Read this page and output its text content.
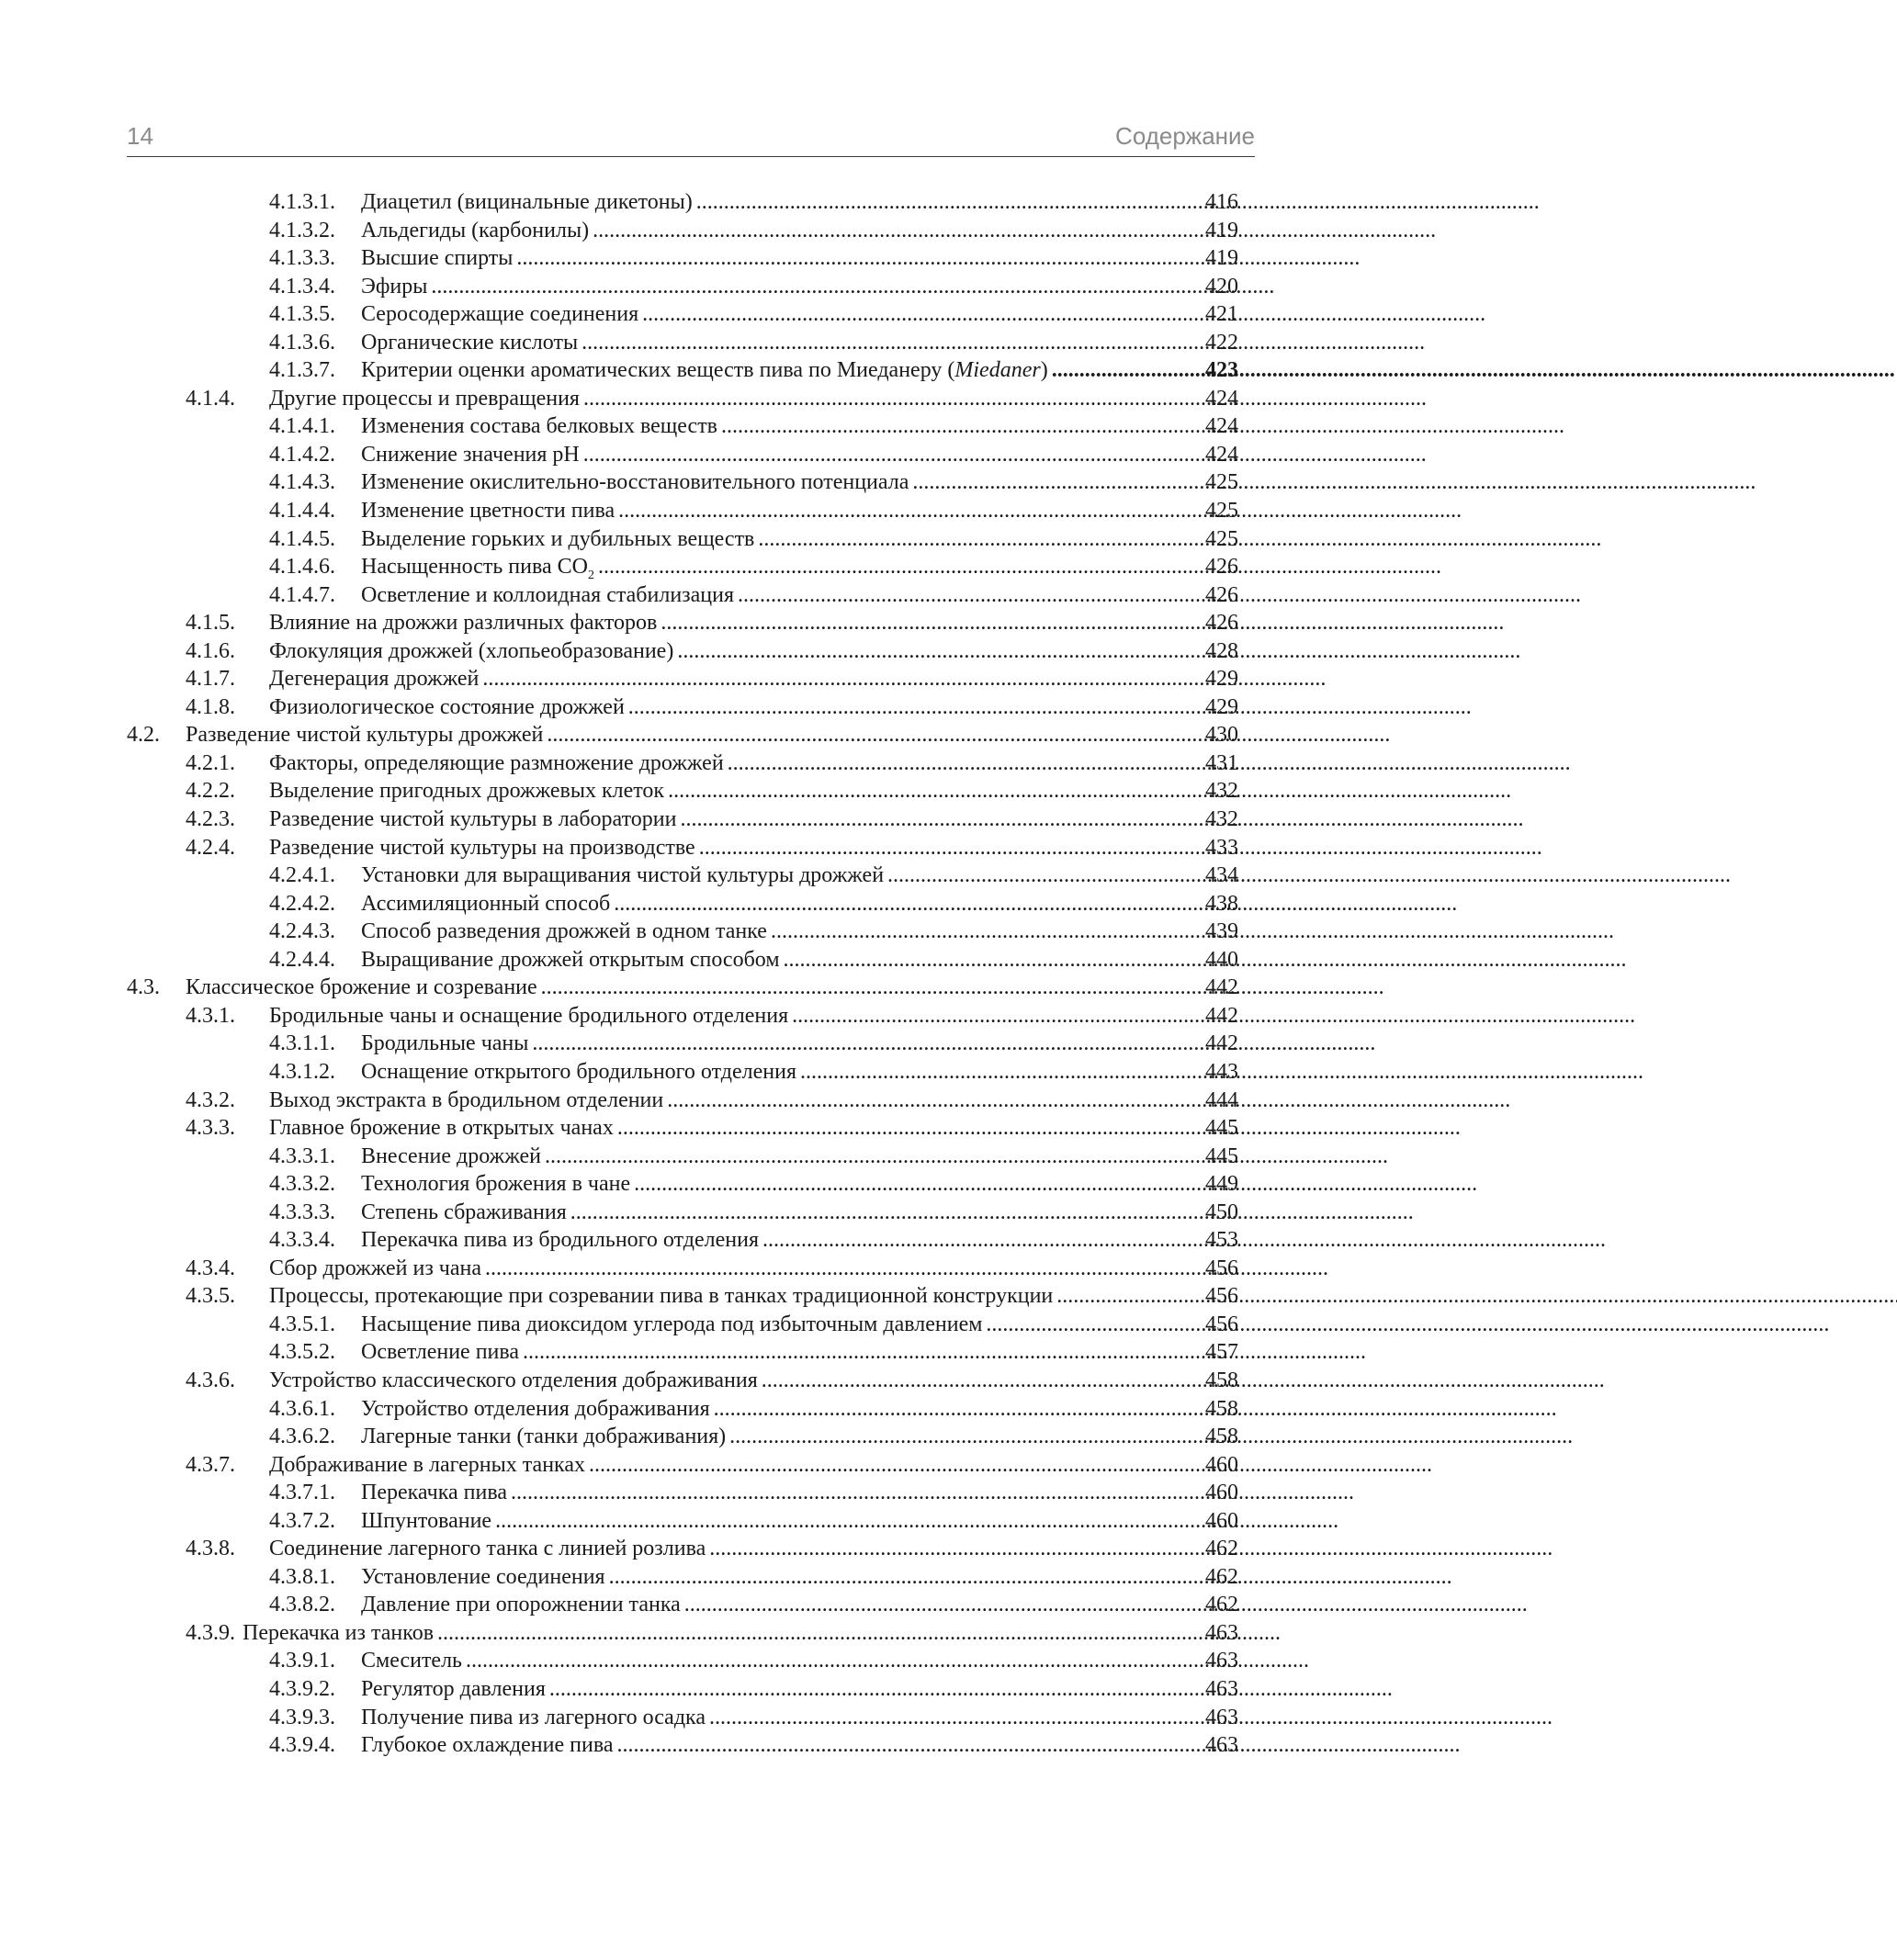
14	Содержание
4.1.3.1.	Диацетил (вицинальные дикетоны) . . .	416
4.1.3.2.	Альдегиды (карбонилы) . . .	419
4.1.3.3.	Высшие спирты . . .	419
4.1.3.4.	Эфиры . . .	420
4.1.3.5.	Серосодержащие соединения . . .	421
4.1.3.6.	Органические кислоты . . .	422
4.1.3.7.	Критерии оценки ароматических веществ пива по Миеданеру (Miedaner) . . .	423
4.1.4.	Другие процессы и превращения . . .	424
4.1.4.1.	Изменения состава белковых веществ . . .	424
4.1.4.2.	Снижение значения pH . . .	424
4.1.4.3.	Изменение окислительно-восстановительного потенциала . . .	425
4.1.4.4.	Изменение цветности пива . . .	425
4.1.4.5.	Выделение горьких и дубильных веществ . . .	425
4.1.4.6.	Насыщенность пива $CO_2$ . . .	426
4.1.4.7.	Осветление и коллоидная стабилизация . . .	426
4.1.5.	Влияние на дрожжи различных факторов . . .	426
4.1.6.	Флокуляция дрожжей (хлопьеобразование) . . .	428
4.1.7.	Дегенерация дрожжей . . .	429
4.1.8.	Физиологическое состояние дрожжей . . .	429
4.2.	Разведение чистой культуры дрожжей . . .	430
4.2.1.	Факторы, определяющие размножение дрожжей . . .	431
4.2.2.	Выделение пригодных дрожжевых клеток . . .	432
4.2.3.	Разведение чистой культуры в лаборатории . . .	432
4.2.4.	Разведение чистой культуры на производстве . . .	433
4.2.4.1.	Установки для выращивания чистой культуры дрожжей . . .	434
4.2.4.2.	Ассимиляционный способ . . .	438
4.2.4.3.	Способ разведения дрожжей в одном танке . . .	439
4.2.4.4.	Выращивание дрожжей открытым способом . . .	440
4.3.	Классическое брожение и созревание . . .	442
4.3.1.	Бродильные чаны и оснащение бродильного отделения . . .	442
4.3.1.1.	Бродильные чаны . . .	442
4.3.1.2.	Оснащение открытого бродильного отделения . . .	443
4.3.2.	Выход экстракта в бродильном отделении . . .	444
4.3.3.	Главное брожение в открытых чанах . . .	445
4.3.3.1.	Внесение дрожжей . . .	445
4.3.3.2.	Технология брожения в чане . . .	449
4.3.3.3.	Степень сбраживания . . .	450
4.3.3.4.	Перекачка пива из бродильного отделения . . .	453
4.3.4.	Сбор дрожжей из чана . . .	456
4.3.5.	Процессы, протекающие при созревании пива в танках традиционной конструкции . . .	456
4.3.5.1.	Насыщение пива диоксидом углерода под избыточным давлением . . .	456
4.3.5.2.	Осветление пива . . .	457
4.3.6.	Устройство классического отделения дображивания . . .	458
4.3.6.1.	Устройство отделения дображивания . . .	458
4.3.6.2.	Лагерные танки (танки дображивания) . . .	458
4.3.7.	Дображивание в лагерных танках . . .	460
4.3.7.1.	Перекачка пива . . .	460
4.3.7.2.	Шпунтование . . .	460
4.3.8.	Соединение лагерного танка с линией розлива . . .	462
4.3.8.1.	Установление соединения . . .	462
4.3.8.2.	Давление при опорожнении танка . . .	462
4.3.9. Перекачка из танков . . .	463
4.3.9.1.	Смеситель . . .	463
4.3.9.2.	Регулятор давления . . .	463
4.3.9.3.	Получение пива из лагерного осадка . . .	463
4.3.9.4.	Глубокое охлаждение пива . . .	463
